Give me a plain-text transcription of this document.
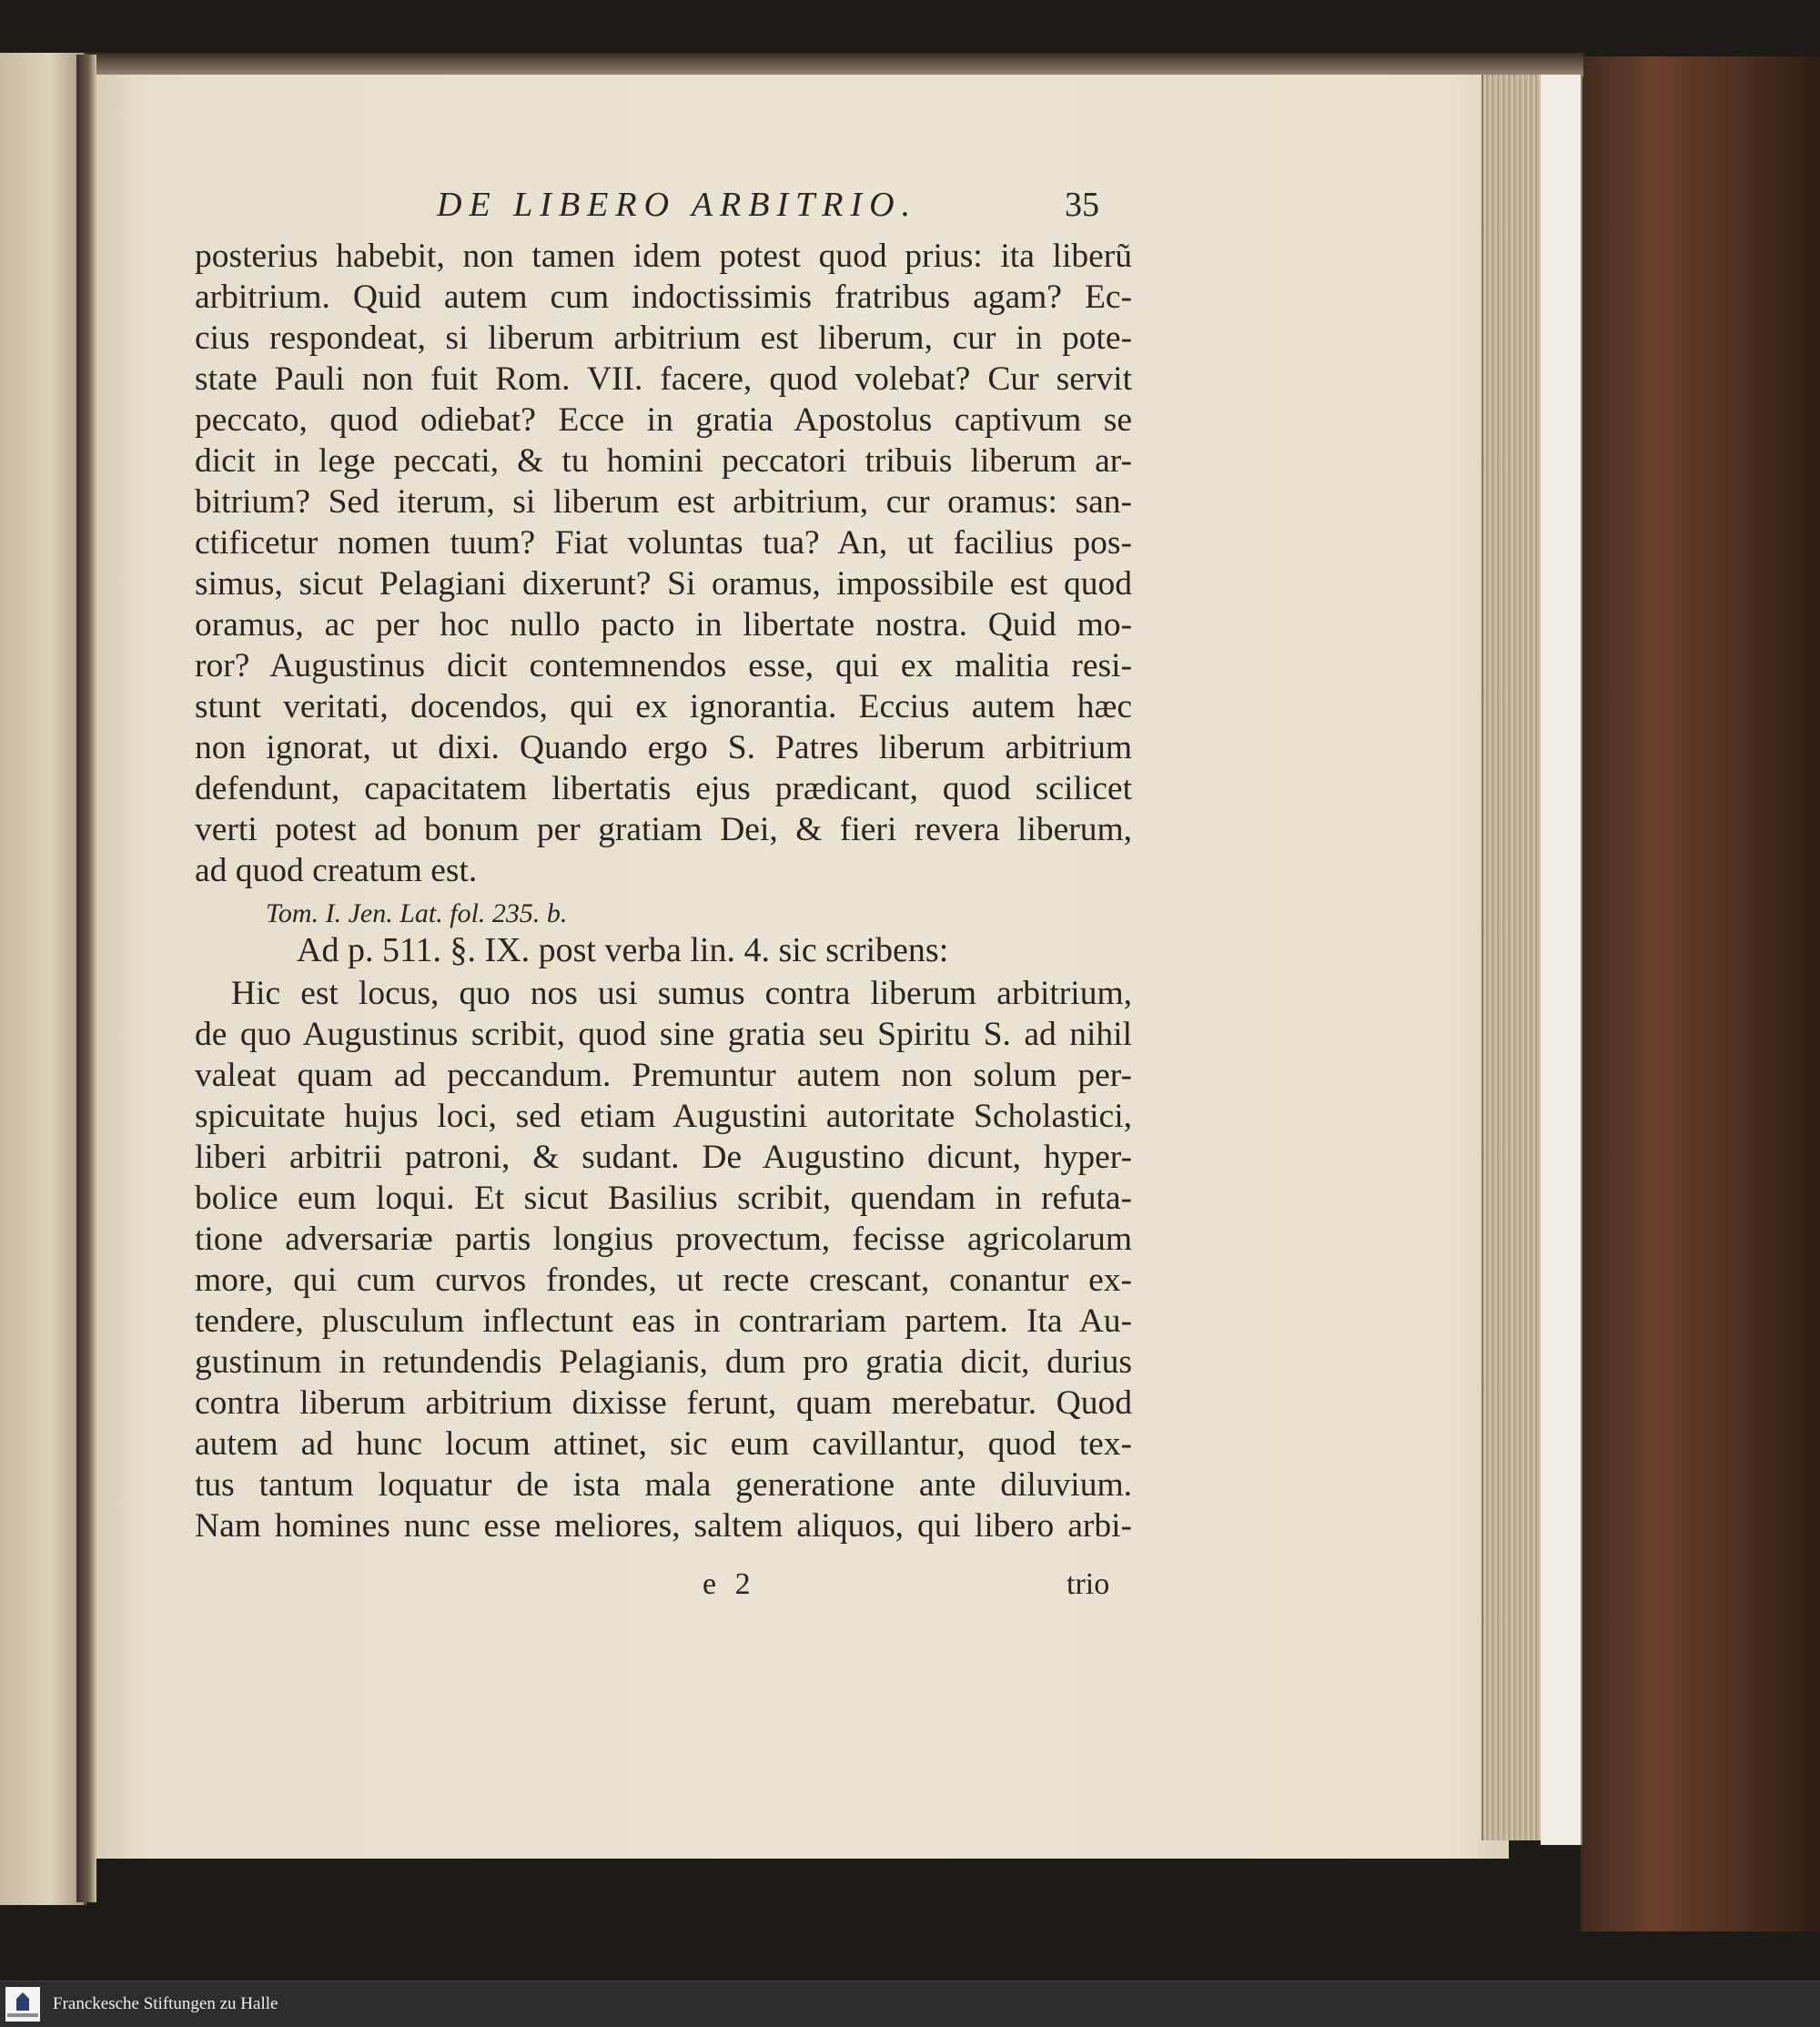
DE LIBERO ARBITRIO.	35
posterius habebit, non tamen idem potest quod prius: ita liberũ
arbitrium. Quid autem cum indoctissimis fratribus agam? Ec-
cius respondeat, si liberum arbitrium est liberum, cur in pote-
state Pauli non fuit Rom. VII. facere, quod volebat? Cur servit
peccato, quod odiebat? Ecce in gratia Apostolus captivum se
dicit in lege peccati, & tu homini peccatori tribuis liberum ar-
bitrium? Sed iterum, si liberum est arbitrium, cur oramus: san-
ctificetur nomen tuum? Fiat voluntas tua? An, ut facilius pos-
simus, sicut Pelagiani dixerunt? Si oramus, impossibile est quod
oramus, ac per hoc nullo pacto in libertate nostra. Quid mo-
ror? Augustinus dicit contemnendos esse, qui ex malitia resi-
stunt veritati, docendos, qui ex ignorantia. Eccius autem hæc
non ignorat, ut dixi. Quando ergo S. Patres liberum arbitrium
defendunt, capacitatem libertatis ejus prædicant, quod scilicet
verti potest ad bonum per gratiam Dei, & fieri revera liberum,
ad quod creatum est.
Tom. I. Jen. Lat. fol. 235. b.
Ad p. 511. §. IX. post verba lin. 4. sic scribens:
Hic est locus, quo nos usi sumus contra liberum arbitrium,
de quo Augustinus scribit, quod sine gratia seu Spiritu S. ad nihil
valeat quam ad peccandum. Premuntur autem non solum per-
spicuitate hujus loci, sed etiam Augustini autoritate Scholastici,
liberi arbitrii patroni, & sudant. De Augustino dicunt, hyper-
bolice eum loqui. Et sicut Basilius scribit, quendam in refuta-
tione adversariæ partis longius provectum, fecisse agricolarum
more, qui cum curvos frondes, ut recte crescant, conantur ex-
tendere, plusculum inflectunt eas in contrariam partem. Ita Au-
gustinum in retundendis Pelagianis, dum pro gratia dicit, durius
contra liberum arbitrium dixisse ferunt, quam merebatur. Quod
autem ad hunc locum attinet, sic eum cavillantur, quod tex-
tus tantum loquatur de ista mala generatione ante diluvium.
Nam homines nunc esse meliores, saltem aliquos, qui libero arbi-
e 2	trio
Franckesche Stiftungen zu Halle
